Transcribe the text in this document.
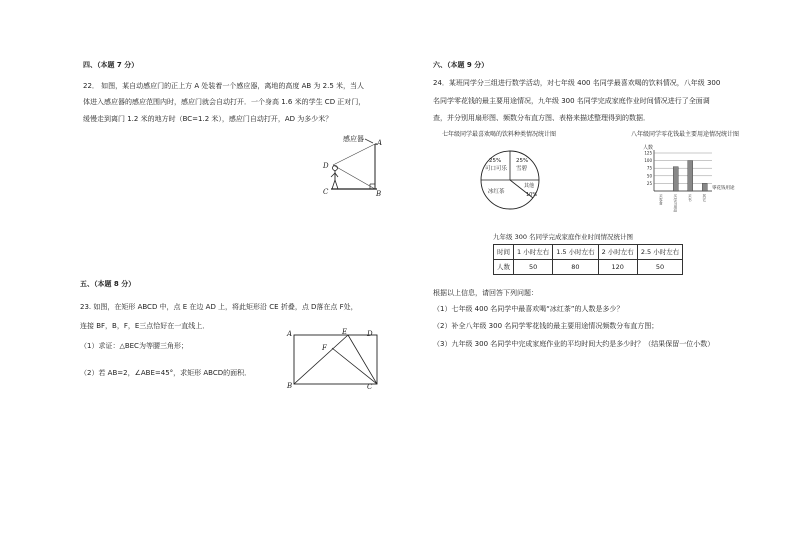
四、（本题 7 分）
22． 如图，某自动感应门的正上方 A 处装着一个感应器，离地的高度 AB 为 2.5 米，当人
体进入感应器的感应范围内时，感应门就会自动打开．一个身高 1.6 米的学生 CD 正对门，
缓慢走到离门 1.2 米的地方时（BC=1.2 米），感应门自动打开，AD 为多少米？
感应器 A
D
C	B
五、（本题 8 分）
23. 如图，在矩形 ABCD 中，点 E 在边 AD 上，将此矩形沿 CE 折叠，点 D落在点 F处，
连接 BF，B，F，E三点恰好在一直线上．
（1）求证：△BEC为等腰三角形；
（2）若 AB=2，∠ABE=45°，求矩形 ABCD的面积．
A	E	D
F
B	C
六、（本题 9 分）
24．某班同学分三组进行数学活动，对七年级 400 名同学最喜欢喝的饮料情况，八年级 300
名同学零花钱的最主要用途情况，九年级 300 名同学完成家庭作业时间情况进行了全面调
查，并分别用扇形图、频数分布直方图、表格来描述整理得到的数据．
七年级同学最喜欢喝的饮料种类情况统计图
25%
可口可乐
25%
雪碧
其他
10%
冰红茶
八年级同学零花钱最主要用途情况统计图
人数
125
100
75
50
25
买零食	买学习用品	买书	其它
零花钱用途
九年级 300 名同学完成家庭作业时间情况统计图
时间	1 小时左右	1.5 小时左右	2 小时左右	2.5 小时左右
人数	50	80	120	50
根据以上信息，请回答下列问题：
（1）七年级 400 名同学中最喜欢喝“冰红茶”的人数是多少？
（2）补全八年级 300 名同学零花钱的最主要用途情况频数分布直方图；
（3）九年级 300 名同学中完成家庭作业的平均时间大约是多少时？（结果保留一位小数）
